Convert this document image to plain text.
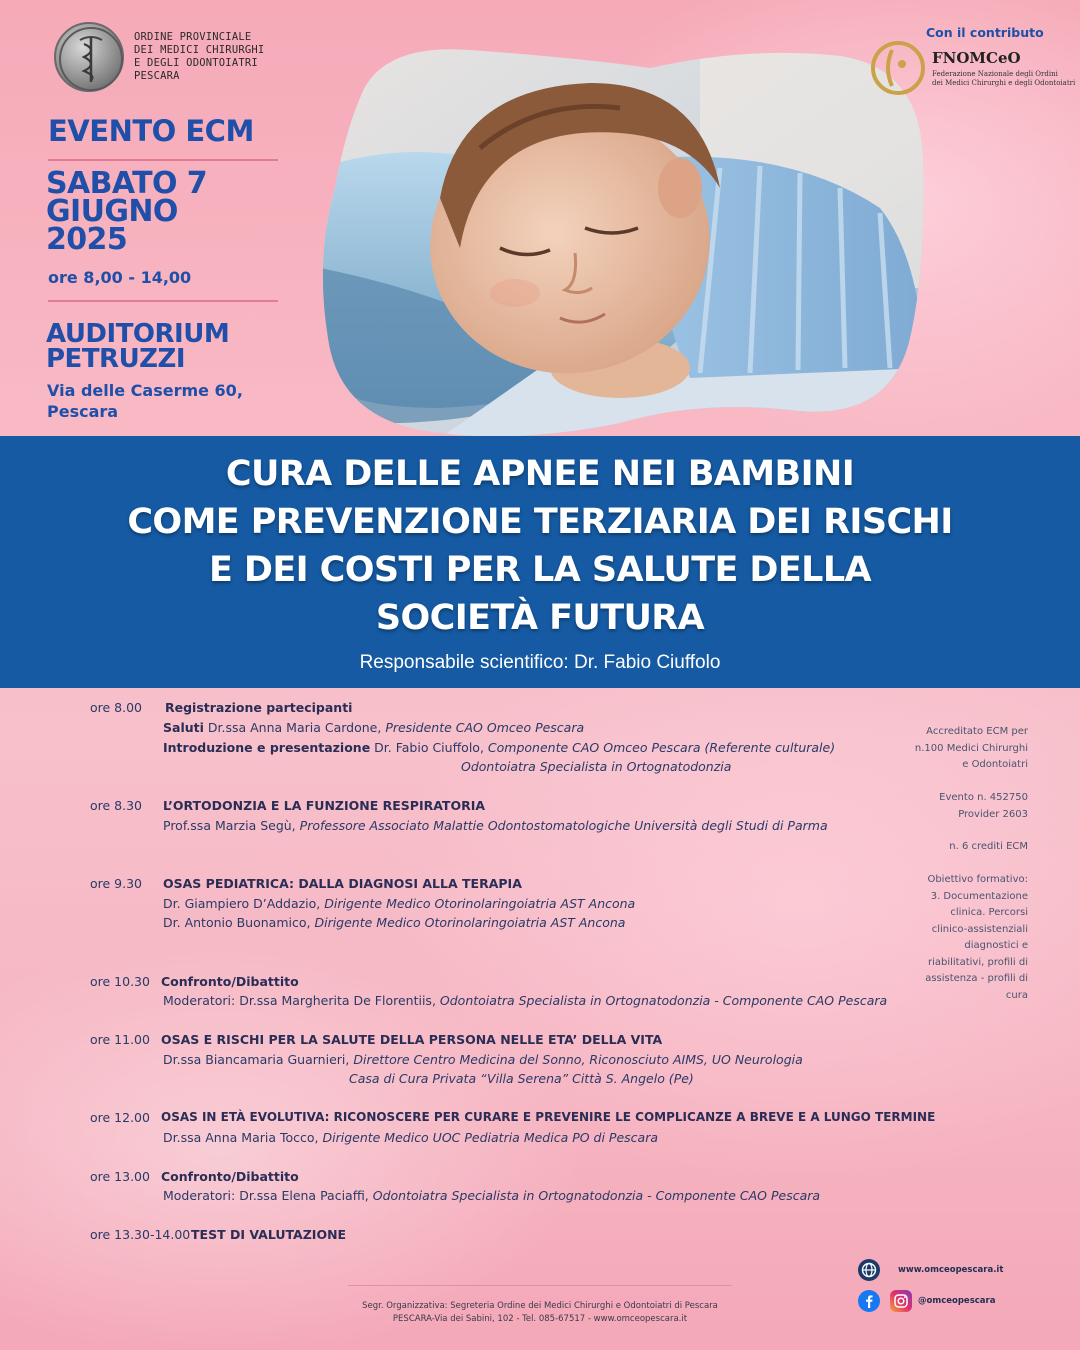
ORDINE PROVINCIALE
DEI MEDICI CHIRURGHI
E DEGLI ODONTOIATRI
PESCARA
EVENTO ECM
SABATO 7
GIUGNO
2025
ore 8,00 - 14,00
AUDITORIUM
PETRUZZI
Via delle Caserme 60,
Pescara
Con il contributo
FNOMCeO
Federazione Nazionale degli Ordini
dei Medici Chirurghi e degli Odontoiatri
CURA DELLE APNEE NEI BAMBINI
COME PREVENZIONE TERZIARIA DEI RISCHI
E DEI COSTI PER LA SALUTE DELLA
SOCIETÀ FUTURA
Responsabile scientifico: Dr. Fabio Ciuffolo
ore 8.00 Registrazione partecipanti
Saluti Dr.ssa Anna Maria Cardone, Presidente CAO Omceo Pescara
Introduzione e presentazione Dr. Fabio Ciuffolo, Componente CAO Omceo Pescara (Referente culturale)
Odontoiatra Specialista in Ortognatodonzia
ore 8.30 L’ORTODONZIA E LA FUNZIONE RESPIRATORIA
Prof.ssa Marzia Segù, Professore Associato Malattie Odontostomatologiche Università degli Studi di Parma
ore 9.30 OSAS PEDIATRICA: DALLA DIAGNOSI ALLA TERAPIA
Dr. Giampiero D’Addazio, Dirigente Medico Otorinolaringoiatria AST Ancona
Dr. Antonio Buonamico, Dirigente Medico Otorinolaringoiatria AST Ancona
ore 10.30 Confronto/Dibattito
Moderatori: Dr.ssa Margherita De Florentiis, Odontoiatra Specialista in Ortognatodonzia - Componente CAO Pescara
ore 11.00 OSAS E RISCHI PER LA SALUTE DELLA PERSONA NELLE ETA’ DELLA VITA
Dr.ssa Biancamaria Guarnieri, Direttore Centro Medicina del Sonno, Riconosciuto AIMS, UO Neurologia
Casa di Cura Privata “Villa Serena” Città S. Angelo (Pe)
ore 12.00 OSAS IN ETÀ EVOLUTIVA: RICONOSCERE PER CURARE E PREVENIRE LE COMPLICANZE A BREVE E A LUNGO TERMINE
Dr.ssa Anna Maria Tocco, Dirigente Medico UOC Pediatria Medica PO di Pescara
ore 13.00 Confronto/Dibattito
Moderatori: Dr.ssa Elena Paciaffi, Odontoiatra Specialista in Ortognatodonzia - Componente CAO Pescara
ore 13.30-14.00 TEST DI VALUTAZIONE
Accreditato ECM per
n.100 Medici Chirurghi
e Odontoiatri
Evento n. 452750
Provider 2603
n. 6 crediti ECM
Obiettivo formativo:
3. Documentazione
clinica. Percorsi
clinico-assistenziali
diagnostici e
riabilitativi, profili di
assistenza - profili di
cura
Segr. Organizzativa: Segreteria Ordine dei Medici Chirurghi e Odontoiatri di Pescara
PESCARA-Via dei Sabini, 102 - Tel. 085-67517 - www.omceopescara.it
www.omceopescara.it
@omceopescara
